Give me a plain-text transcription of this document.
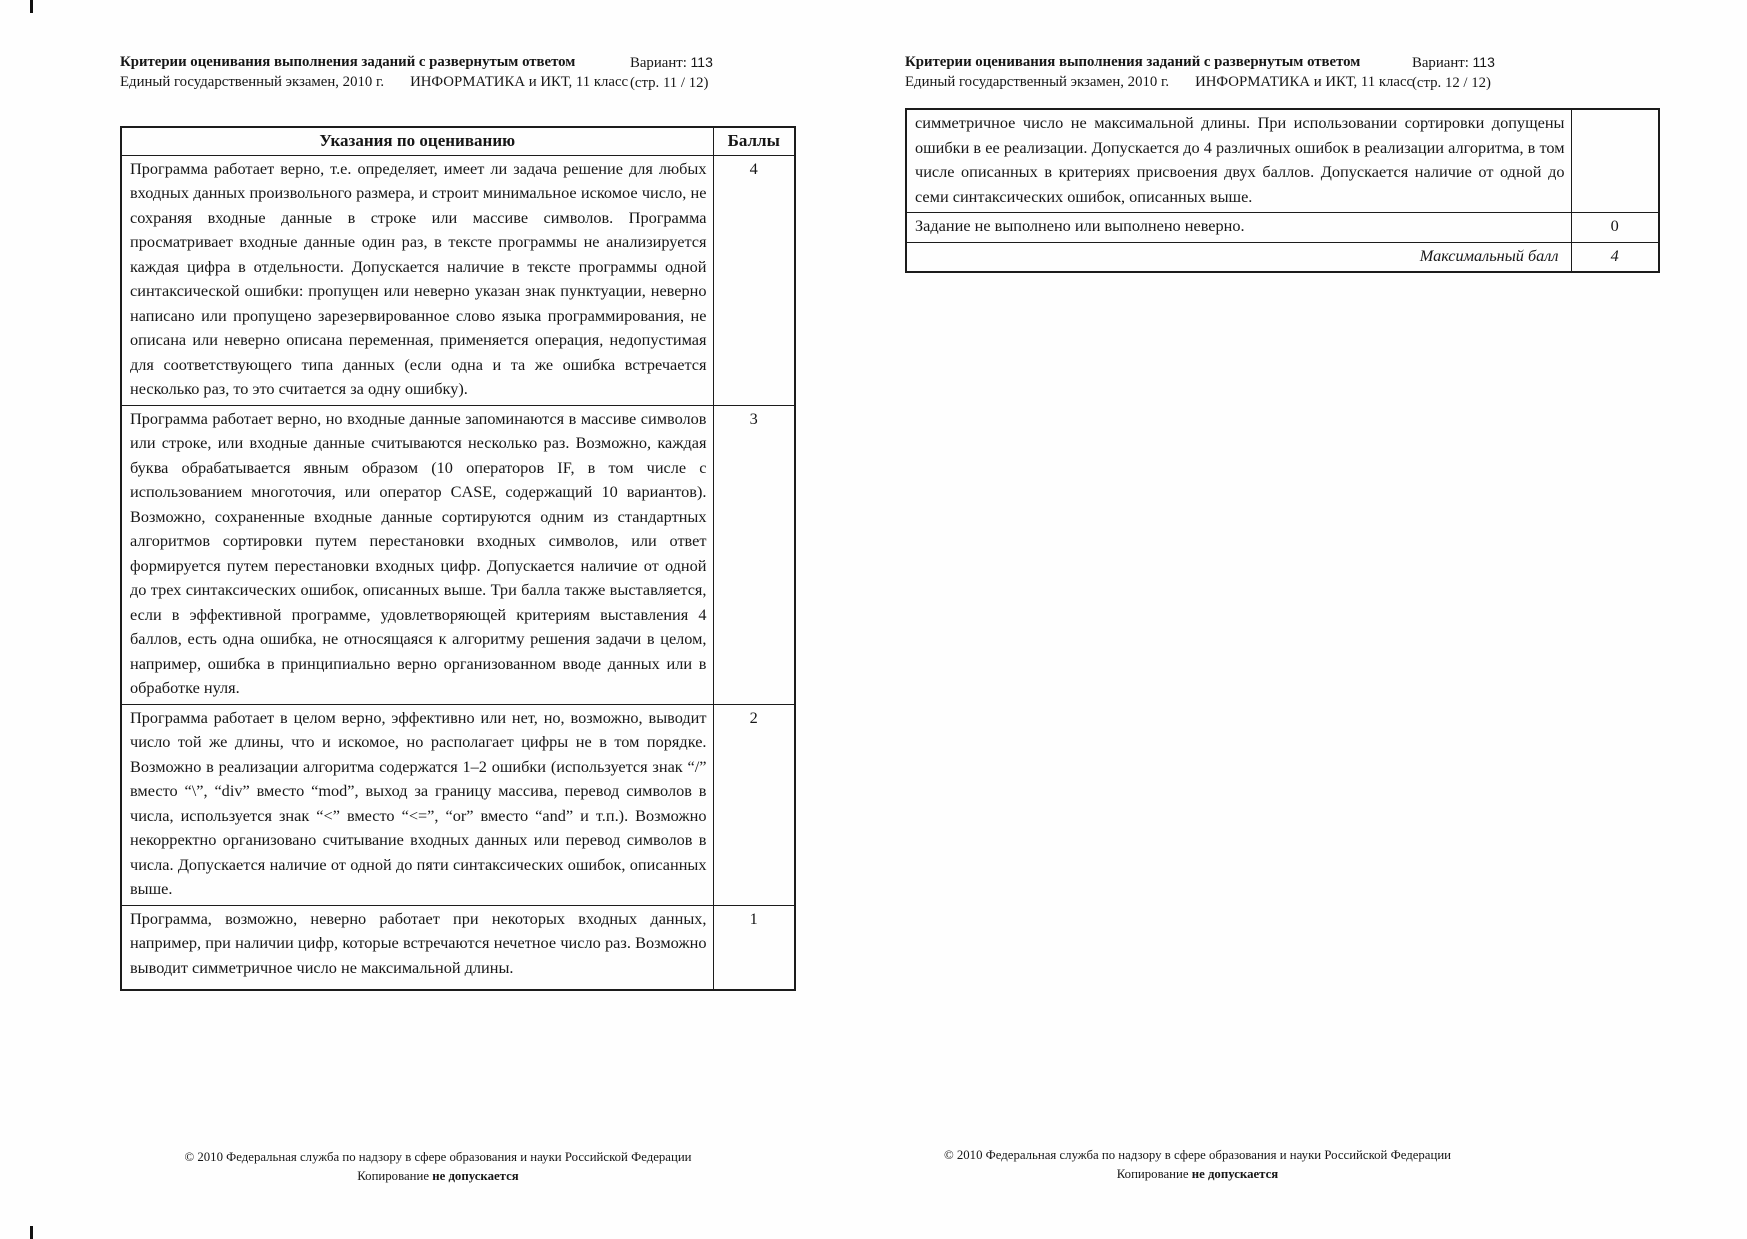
Критерии оценивания выполнения заданий с развернутым ответом
Единый государственный экзамен, 2010 г. ИНФОРМАТИКА и ИКТ, 11 класс
Вариант: 113
(стр. 11 / 12)
Указания по оцениванию	Баллы
Программа работает верно, т.е. определяет, имеет ли задача решение для любых входных данных произвольного размера, и строит минимальное искомое число, не сохраняя входные данные в строке или массиве символов. Программа просматривает входные данные один раз, в тексте программы не анализируется каждая цифра в отдельности. Допускается наличие в тексте программы одной синтаксической ошибки: пропущен или неверно указан знак пунктуации, неверно написано или пропущено зарезервированное слово языка программирования, не описана или неверно описана переменная, применяется операция, недопустимая для соответствующего типа данных (если одна и та же ошибка встречается несколько раз, то это считается за одну ошибку).	4
Программа работает верно, но входные данные запоминаются в массиве символов или строке, или входные данные считываются несколько раз. Возможно, каждая буква обрабатывается явным образом (10 операторов IF, в том числе с использованием многоточия, или оператор CASE, содержащий 10 вариантов). Возможно, сохраненные входные данные сортируются одним из стандартных алгоритмов сортировки путем перестановки входных символов, или ответ формируется путем перестановки входных цифр. Допускается наличие от одной до трех синтаксических ошибок, описанных выше. Три балла также выставляется, если в эффективной программе, удовлетворяющей критериям выставления 4 баллов, есть одна ошибка, не относящаяся к алгоритму решения задачи в целом, например, ошибка в принципиально верно организованном вводе данных или в обработке нуля.	3
Программа работает в целом верно, эффективно или нет, но, возможно, выводит число той же длины, что и искомое, но располагает цифры не в том порядке. Возможно в реализации алгоритма содержатся 1–2 ошибки (используется знак “/” вместо “\”, “div” вместо “mod”, выход за границу массива, перевод символов в числа, используется знак “<” вместо “<=”, “or” вместо “and” и т.п.). Возможно некорректно организовано считывание входных данных или перевод символов в числа. Допускается наличие от одной до пяти синтаксических ошибок, описанных выше.	2

Программа, возможно, неверно работает при некоторых входных данных, например, при наличии цифр, которые встречаются нечетное число раз. Возможно выводит симметричное число не максимальной длины.	1
© 2010 Федеральная служба по надзору в сфере образования и науки Российской Федерации
Копирование не допускается
Критерии оценивания выполнения заданий с развернутым ответом
Единый государственный экзамен, 2010 г. ИНФОРМАТИКА и ИКТ, 11 класс
Вариант: 113
(стр. 12 / 12)
симметричное число не максимальной длины. При использовании сортировки допущены ошибки в ее реализации. Допускается до 4 различных ошибок в реализации алгоритма, в том числе описанных в критериях присвоения двух баллов. Допускается наличие от одной до семи синтаксических ошибок, описанных выше.	
Задание не выполнено или выполнено неверно.	0
Максимальный балл	4
© 2010 Федеральная служба по надзору в сфере образования и науки Российской Федерации
Копирование не допускается
